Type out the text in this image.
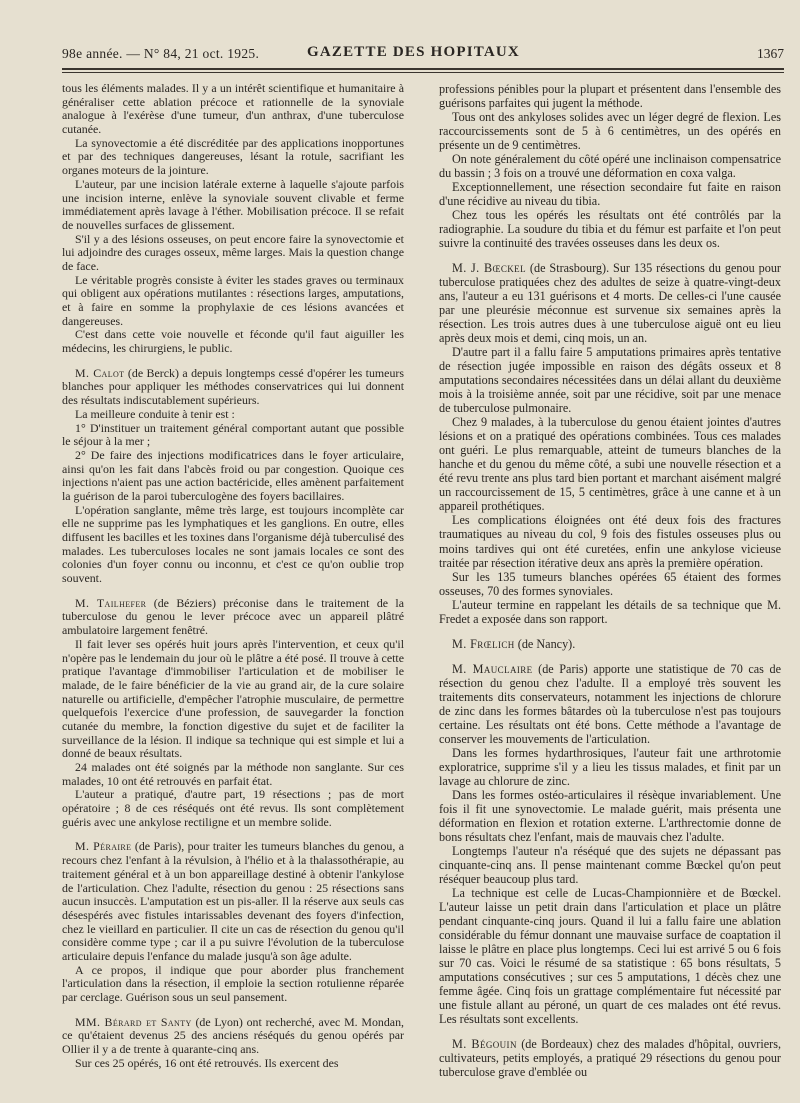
98e année. — N° 84, 21 oct. 1925.	GAZETTE DES HOPITAUX	1367

tous les éléments malades. Il y a un intérêt scientifique et humanitaire à généraliser cette ablation précoce et rationnelle de la synoviale analogue à l'exérèse d'une tumeur, d'un anthrax, d'une tuberculose cutanée.

La synovectomie a été discréditée par des applications inopportunes et par des techniques dangereuses, lésant la rotule, sacrifiant les organes moteurs de la jointure.

L'auteur, par une incision latérale externe à laquelle s'ajoute parfois une incision interne, enlève la synoviale souvent clivable et ferme immédiatement après lavage à l'éther. Mobilisation précoce. Il se refait de nouvelles surfaces de glissement.

S'il y a des lésions osseuses, on peut encore faire la synovectomie et lui adjoindre des curages osseux, même larges. Mais la question change de face.

Le véritable progrès consiste à éviter les stades graves ou terminaux qui obligent aux opérations mutilantes : résections larges, amputations, et à faire en somme la prophylaxie de ces lésions avancées et dangereuses.

C'est dans cette voie nouvelle et féconde qu'il faut aiguiller les médecins, les chirurgiens, le public.

M. Calot (de Berck) a depuis longtemps cessé d'opérer les tumeurs blanches pour appliquer les méthodes conservatrices qui lui donnent des résultats indiscutablement supérieurs.

La meilleure conduite à tenir est :

1° D'instituer un traitement général comportant autant que possible le séjour à la mer ;

2° De faire des injections modificatrices dans le foyer articulaire, ainsi qu'on les fait dans l'abcès froid ou par congestion. Quoique ces injections n'aient pas une action bactéricide, elles amènent parfaitement la guérison de la paroi tuberculogène des foyers bacillaires.

L'opération sanglante, même très large, est toujours incomplète car elle ne supprime pas les lymphatiques et les ganglions. En outre, elles diffusent les bacilles et les toxines dans l'organisme déjà tuberculisé des malades. Les tuberculoses locales ne sont jamais locales ce sont des colonies d'un foyer connu ou inconnu, et c'est ce qu'on oublie trop souvent.

M. Tailhefer (de Béziers) préconise dans le traitement de la tuberculose du genou le lever précoce avec un appareil plâtré ambulatoire largement fenêtré.

Il fait lever ses opérés huit jours après l'intervention, et ceux qu'il n'opère pas le lendemain du jour où le plâtre a été posé. Il trouve à cette pratique l'avantage d'immobiliser l'articulation et de mobiliser le malade, de le faire bénéficier de la vie au grand air, de la cure solaire naturelle ou artificielle, d'empêcher l'atrophie musculaire, de permettre quelquefois l'exercice d'une profession, de sauvegarder la fonction cutanée du membre, la fonction digestive du sujet et de faciliter la surveillance de la lésion. Il indique sa technique qui est simple et lui a donné de beaux résultats.

24 malades ont été soignés par la méthode non sanglante. Sur ces malades, 10 ont été retrouvés en parfait état.

L'auteur a pratiqué, d'autre part, 19 résections ; pas de mort opératoire ; 8 de ces réséqués ont été revus. Ils sont complètement guéris avec une ankylose rectiligne et un membre solide.

M. Péraire (de Paris), pour traiter les tumeurs blanches du genou, a recours chez l'enfant à la révulsion, à l'hélio et à la thalassothérapie, au traitement général et à un bon appareillage destiné à obtenir l'ankylose de l'articulation. Chez l'adulte, résection du genou : 25 résections sans aucun insuccès. L'amputation est un pis-aller. Il la réserve aux seuls cas désespérés avec fistules intarissables devenant des foyers d'infection, chez le vieillard en particulier. Il cite un cas de résection du genou qu'il considère comme type ; car il a pu suivre l'évolution de la tuberculose articulaire depuis l'enfance du malade jusqu'à son âge adulte.

A ce propos, il indique que pour aborder plus franchement l'articulation dans la résection, il emploie la section rotulienne réparée par cerclage. Guérison sous un seul pansement.

MM. Bérard et Santy (de Lyon) ont recherché, avec M. Mondan, ce qu'étaient devenus 25 des anciens réséqués du genou opérés par Ollier il y a de trente à quarante-cinq ans.

Sur ces 25 opérés, 16 ont été retrouvés. Ils exercent des

professions pénibles pour la plupart et présentent dans l'ensemble des guérisons parfaites qui jugent la méthode.

Tous ont des ankyloses solides avec un léger degré de flexion. Les raccourcissements sont de 5 à 6 centimètres, un des opérés en présente un de 9 centimètres.

On note généralement du côté opéré une inclinaison compensatrice du bassin ; 3 fois on a trouvé une déformation en coxa valga.

Exceptionnellement, une résection secondaire fut faite en raison d'une récidive au niveau du tibia.

Chez tous les opérés les résultats ont été contrôlés par la radiographie. La soudure du tibia et du fémur est parfaite et l'on peut suivre la continuité des travées osseuses dans les deux os.

M. J. Bœckel (de Strasbourg). Sur 135 résections du genou pour tuberculose pratiquées chez des adultes de seize à quatre-vingt-deux ans, l'auteur a eu 131 guérisons et 4 morts. De celles-ci l'une causée par une pleurésie méconnue est survenue six semaines après la résection. Les trois autres dues à une tuberculose aiguë ont eu lieu après deux mois et demi, cinq mois, un an.

D'autre part il a fallu faire 5 amputations primaires après tentative de résection jugée impossible en raison des dégâts osseux et 8 amputations secondaires nécessitées dans un délai allant du deuxième mois à la troisième année, soit par une récidive, soit par une menace de tuberculose pulmonaire.

Chez 9 malades, à la tuberculose du genou étaient jointes d'autres lésions et on a pratiqué des opérations combinées. Tous ces malades ont guéri. Le plus remarquable, atteint de tumeurs blanches de la hanche et du genou du même côté, a subi une nouvelle résection et a été revu trente ans plus tard bien portant et marchant aisément malgré un raccourcissement de 15, 5 centimètres, grâce à une canne et à un appareil prothétiques.

Les complications éloignées ont été deux fois des fractures traumatiques au niveau du col, 9 fois des fistules osseuses plus ou moins tardives qui ont été curetées, enfin une ankylose vicieuse traitée par résection itérative deux ans après la première opération.

Sur les 135 tumeurs blanches opérées 65 étaient des formes osseuses, 70 des formes synoviales.

L'auteur termine en rappelant les détails de sa technique que M. Fredet a exposée dans son rapport.

M. Frœlich (de Nancy).

M. Mauclaire (de Paris) apporte une statistique de 70 cas de résection du genou chez l'adulte. Il a employé très souvent les traitements dits conservateurs, notamment les injections de chlorure de zinc dans les formes bâtardes où la tuberculose n'est pas toujours certaine. Les résultats ont été bons. Cette méthode a l'avantage de conserver les mouvements de l'articulation.

Dans les formes hydarthrosiques, l'auteur fait une arthrotomie exploratrice, supprime s'il y a lieu les tissus malades, et finit par un lavage au chlorure de zinc.

Dans les formes ostéo-articulaires il résèque invariablement. Une fois il fit une synovectomie. Le malade guérit, mais présenta une déformation en flexion et rotation externe. L'arthrectomie donne de bons résultats chez l'enfant, mais de mauvais chez l'adulte.

Longtemps l'auteur n'a réséqué que des sujets ne dépassant pas cinquante-cinq ans. Il pense maintenant comme Bœckel qu'on peut réséquer beaucoup plus tard.

La technique est celle de Lucas-Championnière et de Bœckel. L'auteur laisse un petit drain dans l'articulation et place un plâtre pendant cinquante-cinq jours. Quand il lui a fallu faire une ablation considérable du fémur donnant une mauvaise surface de coaptation il laisse le plâtre en place plus longtemps. Ceci lui est arrivé 5 ou 6 fois sur 70 cas. Voici le résumé de sa statistique : 65 bons résultats, 5 amputations consécutives ; sur ces 5 amputations, 1 décès chez une femme âgée. Cinq fois un grattage complémentaire fut nécessité par une fistule allant au péroné, un quart de ces malades ont été revus. Les résultats sont excellents.

M. Bégouin (de Bordeaux) chez des malades d'hôpital, ouvriers, cultivateurs, petits employés, a pratiqué 29 résections du genou pour tuberculose grave d'emblée ou
